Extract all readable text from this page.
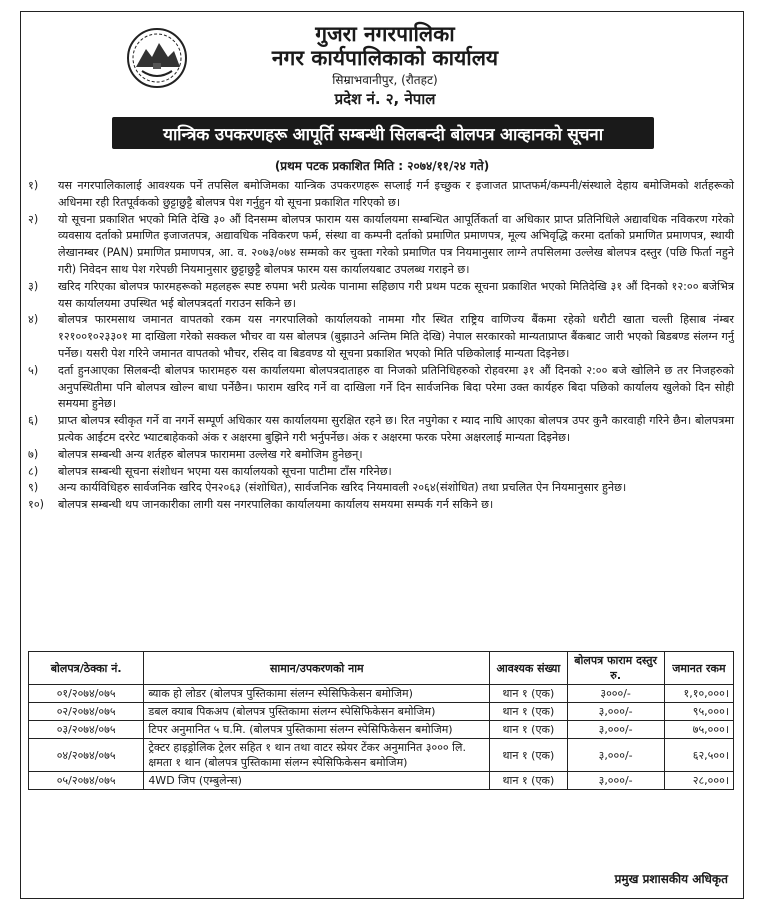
गुजरा नगरपालिका
नगर कार्यपालिकाको कार्यालय
सिम्राभवानीपुर, (रौतहट)
प्रदेश नं. २, नेपाल
यान्त्रिक उपकरणहरू आपूर्ति सम्बन्धी सिलबन्दी बोलपत्र आव्हानको सूचना
(प्रथम पटक प्रकाशित मिति : २०७४/११/२४ गते)
१)	यस नगरपालिकालाई आवश्यक पर्ने तपसिल बमोजिमका यान्त्रिक उपकरणहरू सप्लाई गर्न इच्छुक र इजाजत प्राप्तफर्म/कम्पनी/संस्थाले देहाय बमोजिमको शर्तहरूको अधिनमा रही रितपूर्वकको छुट्टाछुट्टै बोलपत्र पेश गर्नुहुन यो सूचना प्रकाशित गरिएको छ।
२)	यो सूचना प्रकाशित भएको मिति देखि ३० औं दिनसम्म बोलपत्र फाराम यस कार्यालयमा सम्बन्धित आपूर्तिकर्ता वा अधिकार प्राप्त प्रतिनिधिले अद्यावधिक नविकरण गरेको व्यवसाय दर्ताको प्रमाणित इजाजतपत्र, अद्यावधिक नविकरण फर्म, संस्था वा कम्पनी दर्ताको प्रमाणित प्रमाणपत्र, मूल्य अभिवृद्धि करमा दर्ताको प्रमाणित प्रमाणपत्र, स्थायी लेखानम्बर (PAN) प्रमाणित प्रमाणपत्र, आ. व. २०७३/०७४ सम्मको कर चुक्ता गरेको प्रमाणित पत्र नियमानुसार लाग्ने तपसिलमा उल्लेख बोलपत्र दस्तुर (पछि फिर्ता नहुने गरी) निवेदन साथ पेश गरेपछी नियमानुसार छुट्टाछुट्टै बोलपत्र फारम यस कार्यालयबाट उपलब्ध गराइने छ।
३)	खरिद गरिएका बोलपत्र फारमहरूको महलहरू स्पष्ट रुपमा भरी प्रत्येक पानामा सहिछाप गरी प्रथम पटक सूचना प्रकाशित भएको मितिदेखि ३१ औं दिनको १२:०० बजेभित्र यस कार्यालयमा उपस्थित भई बोलपत्रदर्ता गराउन सकिने छ।
४)	बोलपत्र फारमसाथ जमानत वापतको रकम यस नगरपालिको कार्यालयको नाममा गौर स्थित राष्ट्रिय वाणिज्य बैंकमा रहेको धरौटी खाता चल्ती हिसाब नंम्बर १२१००१०२३३०१ मा दाखिला गरेको सक्कल भौचर वा यस बोलपत्र (बुझाउने अन्तिम मिति देखि) नेपाल सरकारको मान्यताप्राप्त बैंकबाट जारी भएको बिडबण्ड संलग्न गर्नु पर्नेछ। यसरी पेश गरिने जमानत वापतको भौचर, रसिद वा बिडवण्ड यो सूचना प्रकाशित भएको मिति पछिकोलाई मान्यता दिइनेछ।
५)	दर्ता हुनआएका सिलबन्दी बोलपत्र फारामहरु यस कार्यालयमा बोलपत्रदाताहरु वा निजको प्रतिनिधिहरुको रोहवरमा ३१ औं दिनको २:०० बजे खोलिने छ तर निजहरुको अनुपस्थितीमा पनि बोलपत्र खोल्न बाधा पर्नेछैन। फाराम खरिद गर्ने वा दाखिला गर्ने दिन सार्वजनिक बिदा परेमा उक्त कार्यहरु बिदा पछिको कार्यालय खुलेको दिन सोही समयमा हुनेछ।
६)	प्राप्त बोलपत्र स्वीकृत गर्ने वा नगर्ने सम्पूर्ण अधिकार यस कार्यालयमा सुरक्षित रहने छ। रित नपुगेका र म्याद नाघि आएका बोलपत्र उपर कुनै कारवाही गरिने छैन। बोलपत्रमा प्रत्येक आईटम दररेट भ्याटबाहेकको अंक र अक्षरमा बुझिने गरी भर्नुपर्नेछ। अंक र अक्षरमा फरक परेमा अक्षरलाई मान्यता दिइनेछ।
७)	बोलपत्र सम्बन्धी अन्य शर्तहरु बोलपत्र फाराममा उल्लेख गरे बमोजिम हुनेछन्।
८)	बोलपत्र सम्बन्धी सूचना संशोधन भएमा यस कार्यालयको सूचना पाटीमा टाँस गरिनेछ।
९)	अन्य कार्यविधिहरु सार्वजनिक खरिद ऐन२०६३ (संशोधित), सार्वजनिक खरिद नियमावली २०६४(संशोधित) तथा प्रचलित ऐन नियमानुसार हुनेछ।
१०)	बोलपत्र सम्बन्धी थप जानकारीका लागी यस नगरपालिका कार्यालयमा कार्यालय समयमा सम्पर्क गर्न सकिने छ।
बोलपत्र/ठेक्का नं.	सामान/उपकरणको नाम	आवश्यक संख्या	बोलपत्र फाराम दस्तुर रु.	जमानत रकम
०१/२०७४/०७५	ब्याक हो लोडर (बोलपत्र पुस्तिकामा संलग्न स्पेसिफिकेसन बमोजिम)	थान १ (एक)	३०००/-	१,१०,०००।
०२/२०७४/०७५	डबल क्याब पिकअप (बोलपत्र पुस्तिकामा संलग्न स्पेसिफिकेसन बमोजिम)	थान १ (एक)	३,०००/-	९५,०००।
०३/२०७४/०७५	टिपर अनुमानित ५ घ.मि. (बोलपत्र पुस्तिकामा संलग्न स्पेसिफिकेसन बमोजिम)	थान १ (एक)	३,०००/-	७५,०००।
०४/२०७४/०७५	ट्रेक्टर हाइड्रोलिक ट्रेलर सहित १ थान तथा वाटर स्प्रेयर टेंकर अनुमानित ३००० लि. क्षमता १ थान (बोलपत्र पुस्तिकामा संलग्न स्पेसिफिकेसन बमोजिम)	थान १ (एक)	३,०००/-	६२,५००।
०५/२०७४/०७५	4WD जिप (एम्बुलेन्स)	थान १ (एक)	३,०००/-	२८,०००।
प्रमुख प्रशासकीय अधिकृत
